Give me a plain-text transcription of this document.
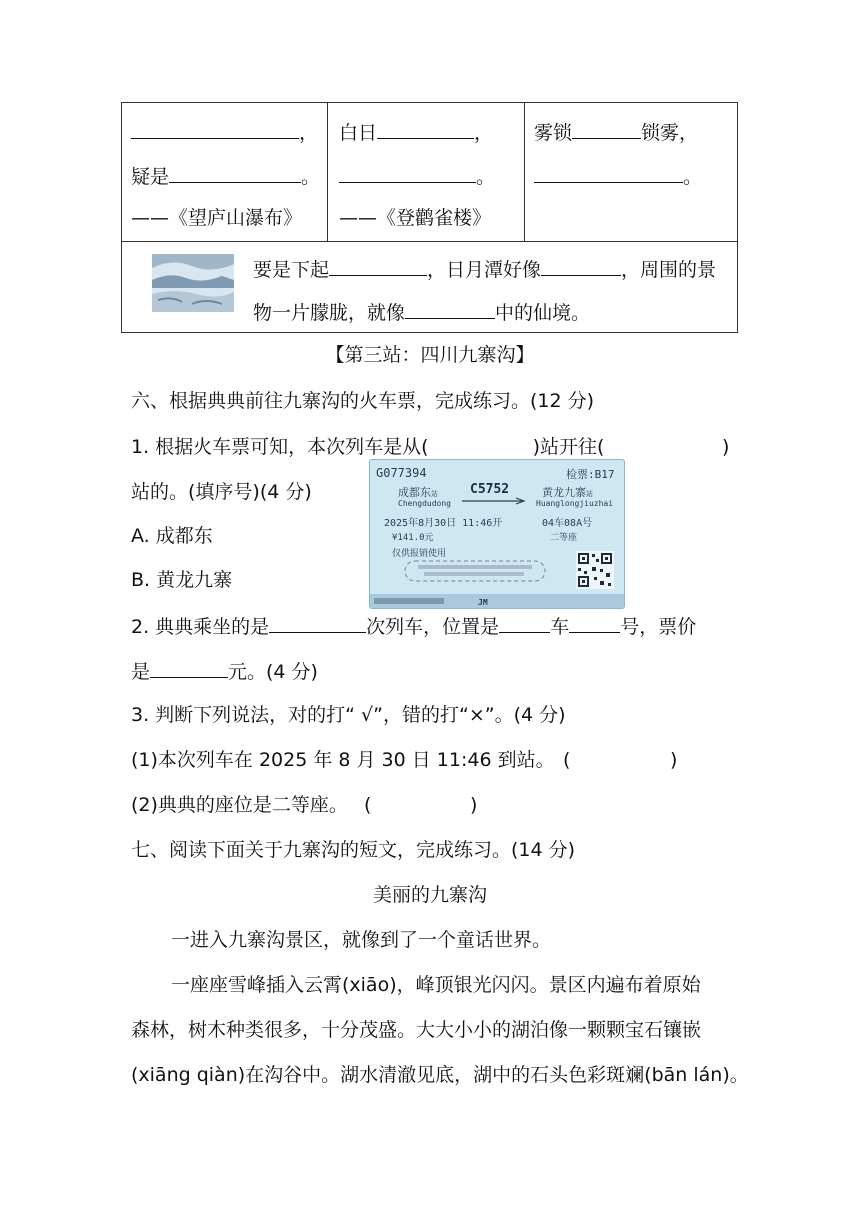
，
疑是	。
——《望庐山瀑布》

白日	，
。
——《登鹳雀楼》

雾锁	锁雾，
。

要是下起	，日月潭好像	，周围的景
物一片朦胧，就像	中的仙境。
【第三站：四川九寨沟】
六、根据典典前往九寨沟的火车票，完成练习。(12 分)
1. 根据火车票可知，本次列车是从(	)站开往(	)
站的。(填序号)(4 分)
A. 成都东
B. 黄龙九寨
G077394	检票:B17
成都东站
Chengdudong
C5752	黄龙九寨站
Huanglongjiuzhai
2025年8月30日 11:46开	04车08A号
¥141.0元	二等座
仅供报销使用
JM
2. 典典乘坐的是	次列车，位置是	车	号，票价
是	元。(4 分)
3. 判断下列说法，对的打“ √”，错的打“×”。(4 分)
(1)本次列车在 2025 年 8 月 30 日 11:46 到站。 (	)
(2)典典的座位是二等座。 (	)
七、阅读下面关于九寨沟的短文，完成练习。(14 分)
美丽的九寨沟
一进入九寨沟景区，就像到了一个童话世界。
一座座雪峰插入云霄(xiāo)，峰顶银光闪闪。景区内遍布着原始
森林，树木种类很多，十分茂盛。大大小小的湖泊像一颗颗宝石镶嵌
(xiāng qiàn)在沟谷中。湖水清澈见底，湖中的石头色彩斑斓(bān lán)。
